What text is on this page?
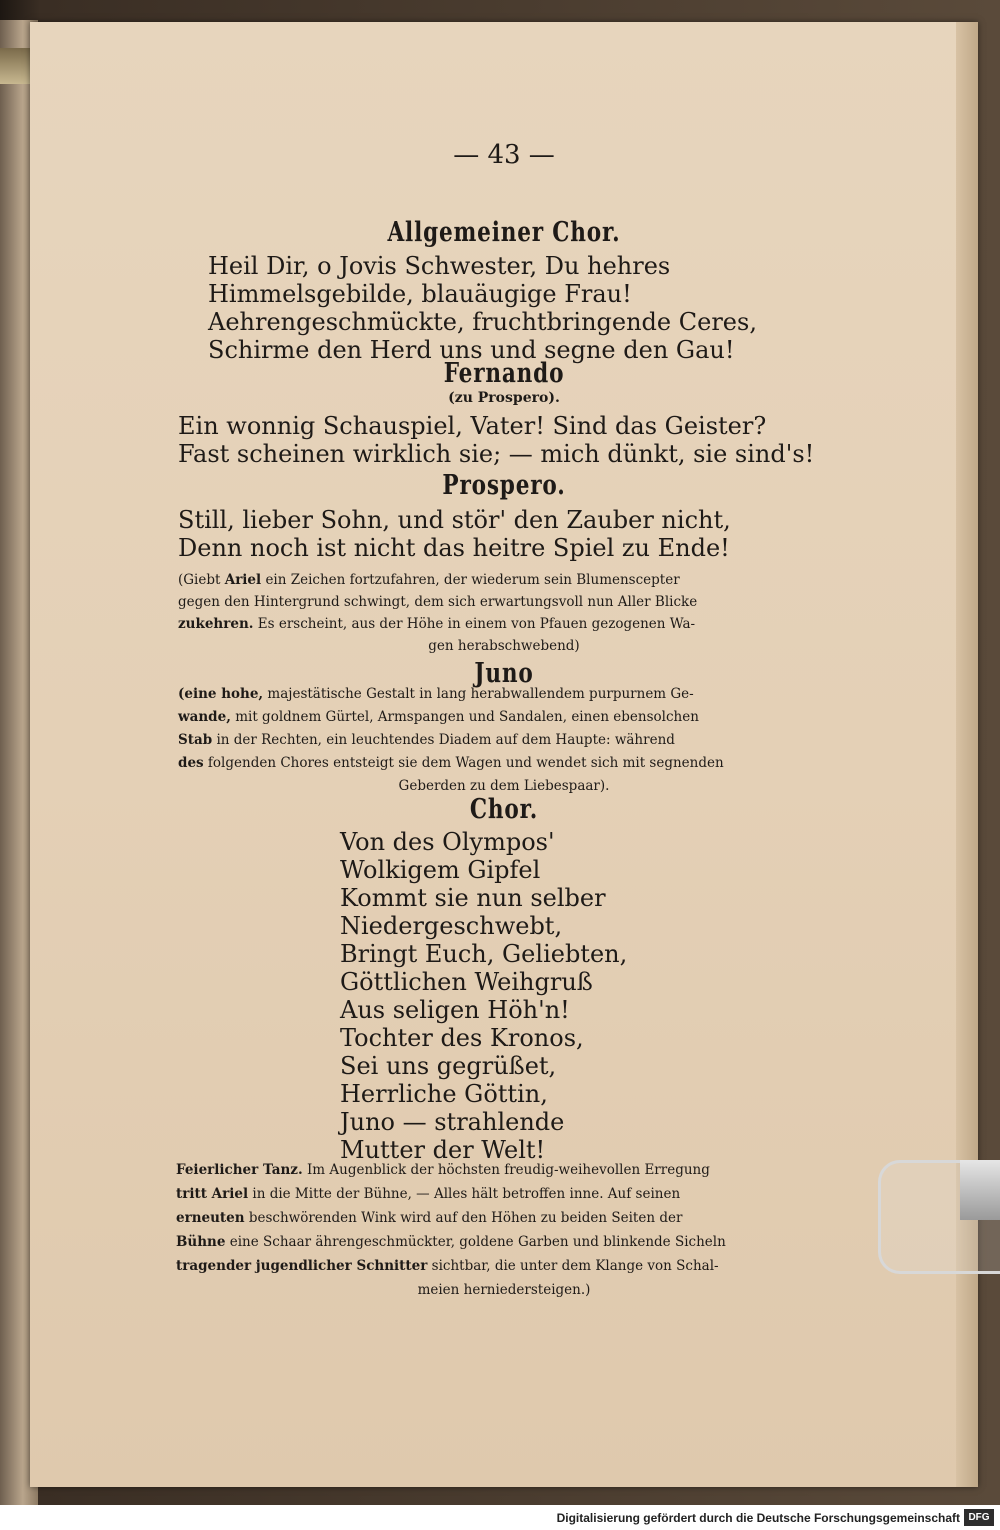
— 43 —
Allgemeiner Chor.
Heil Dir, o Jovis Schwester, Du hehres
Himmelsgebilde, blauäugige Frau!
Aehrengeschmückte, fruchtbringende Ceres,
Schirme den Herd uns und segne den Gau!
Fernando
(zu Prospero).
Ein wonnig Schauspiel, Vater! Sind das Geister?
Fast scheinen wirklich sie; — mich dünkt, sie sind's!
Prospero.
Still, lieber Sohn, und stör' den Zauber nicht,
Denn noch ist nicht das heitre Spiel zu Ende!
(Giebt Ariel ein Zeichen fortzufahren, der wiederum sein Blumenscepter
gegen den Hintergrund schwingt, dem sich erwartungsvoll nun Aller Blicke
zukehren. Es erscheint, aus der Höhe in einem von Pfauen gezogenen Wa-
gen herabschwebend)
Juno
(eine hohe, majestätische Gestalt in lang herabwallendem purpurnem Ge-
wande, mit goldnem Gürtel, Armspangen und Sandalen, einen ebensolchen
Stab in der Rechten, ein leuchtendes Diadem auf dem Haupte: während
des folgenden Chores entsteigt sie dem Wagen und wendet sich mit segnenden
Geberden zu dem Liebespaar).
Chor.
Von des Olympos'
Wolkigem Gipfel
Kommt sie nun selber
Niedergeschwebt,
Bringt Euch, Geliebten,
Göttlichen Weihgruß
Aus seligen Höh'n!
Tochter des Kronos,
Sei uns gegrüßet,
Herrliche Göttin,
Juno — strahlende
Mutter der Welt!
Feierlicher Tanz. Im Augenblick der höchsten freudig-weihevollen Erregung
tritt Ariel in die Mitte der Bühne, — Alles hält betroffen inne. Auf seinen
erneuten beschwörenden Wink wird auf den Höhen zu beiden Seiten der
Bühne eine Schaar ährengeschmückter, goldene Garben und blinkende Sicheln
tragender jugendlicher Schnitter sichtbar, die unter dem Klange von Schal-
meien herniedersteigen.)
Digitalisierung gefördert durch die Deutsche Forschungsgemeinschaft DFG
